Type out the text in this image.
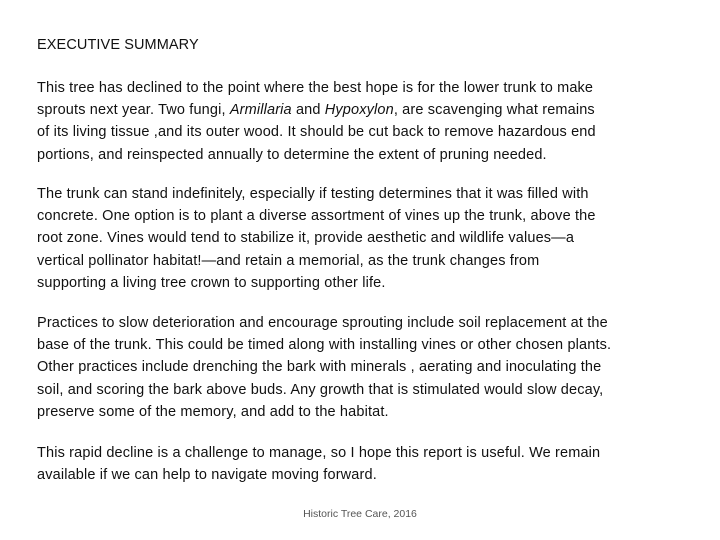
EXECUTIVE SUMMARY
This tree has declined to the point where the best hope is for the lower trunk to make
sprouts next year. Two fungi, Armillaria and Hypoxylon, are scavenging what remains
of its living tissue ,and its outer wood. It should be cut back to remove hazardous end
portions, and reinspected annually to determine the extent of pruning needed.
The trunk can stand indefinitely, especially if testing determines that it was filled with
concrete. One option is to plant a diverse assortment of vines up the trunk, above the
root zone. Vines would tend to stabilize it, provide aesthetic and wildlife values—a
vertical pollinator habitat!—and retain a memorial, as the trunk changes from
supporting a living tree crown to supporting other life.
Practices to slow deterioration and encourage sprouting include soil replacement at the
base of the trunk. This could be timed along with installing vines or other chosen plants.
Other practices include drenching the bark with minerals , aerating and inoculating the
soil, and scoring the bark above buds. Any growth that is stimulated would slow decay,
preserve some of the memory, and add to the habitat.
This rapid decline is a challenge to manage, so I hope this report is useful. We remain
available if we can help to navigate moving forward.
Historic Tree Care, 2016
